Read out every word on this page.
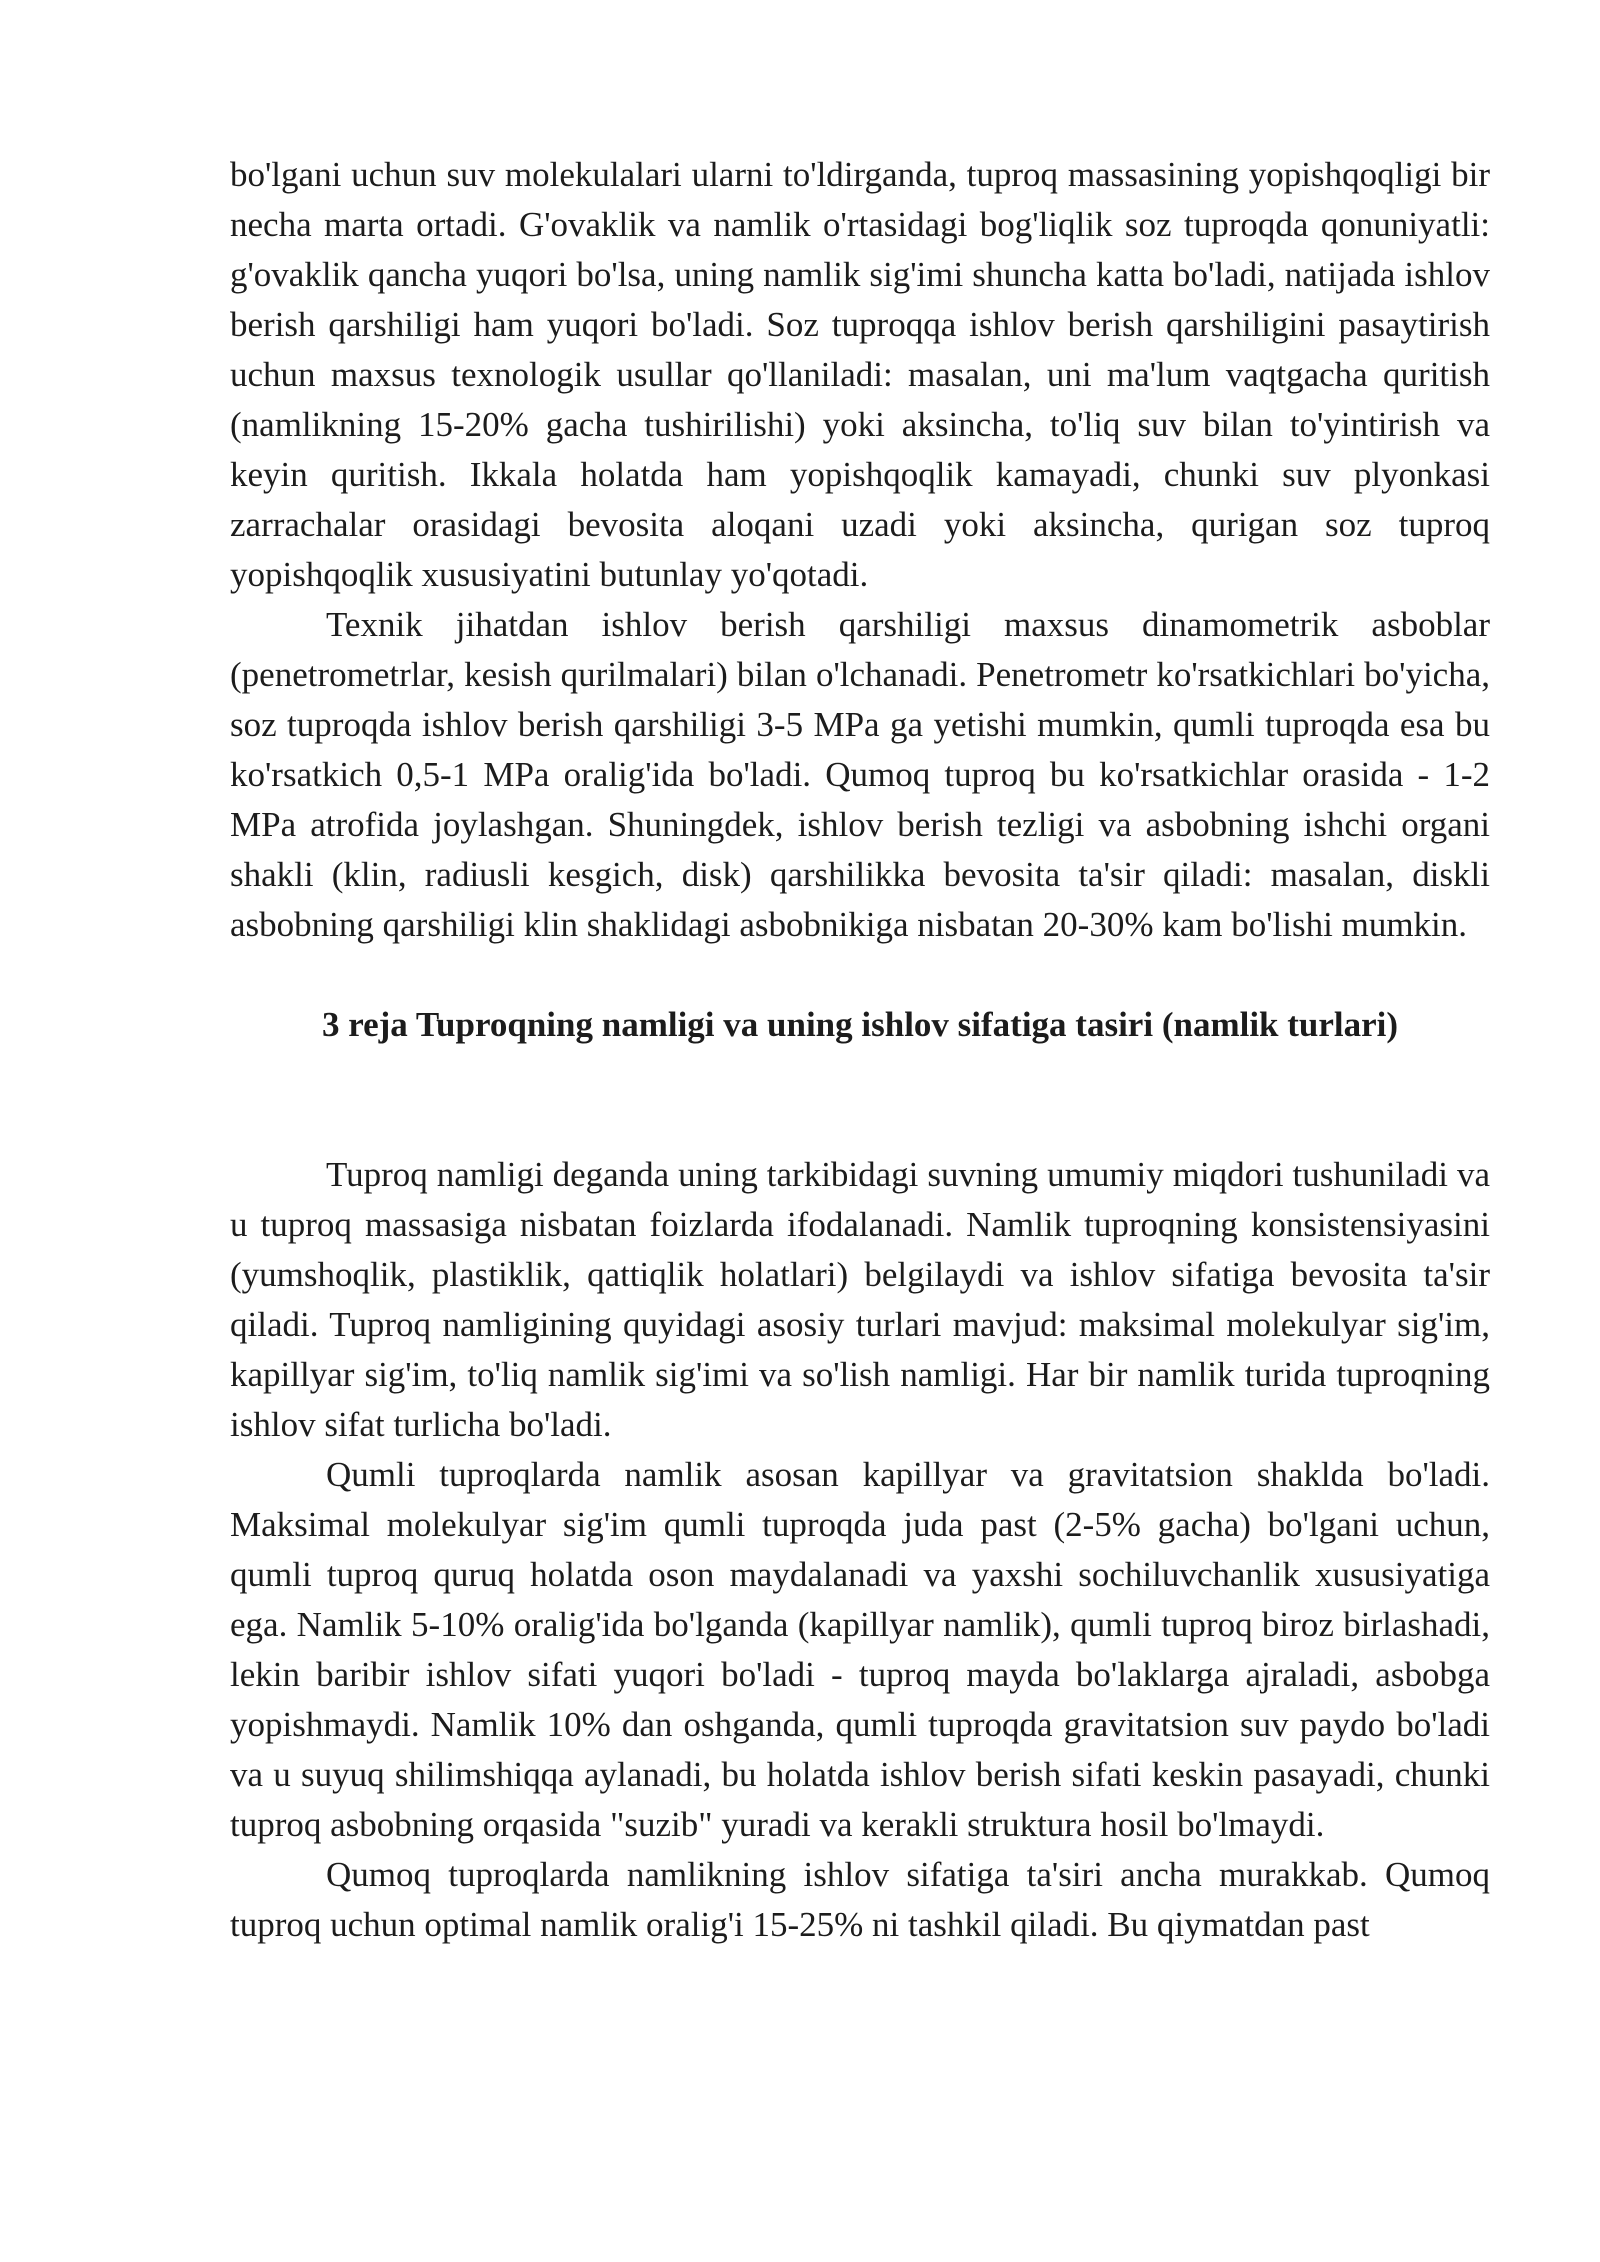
bo'lgani uchun suv molekulalari ularni to'ldirganda, tuproq massasining yopishqoqligi bir necha marta ortadi. G'ovaklik va namlik o'rtasidagi bog'liqlik soz tuproqda qonuniyatli: g'ovaklik qancha yuqori bo'lsa, uning namlik sig'imi shuncha katta bo'ladi, natijada ishlov berish qarshiligi ham yuqori bo'ladi. Soz tuproqqa ishlov berish qarshiligini pasaytirish uchun maxsus texnologik usullar qo'llaniladi: masalan, uni ma'lum vaqtgacha quritish (namlikning 15-20% gacha tushirilishi) yoki aksincha, to'liq suv bilan to'yintirish va keyin quritish. Ikkala holatda ham yopishqoqlik kamayadi, chunki suv plyonkasi zarrachalar orasidagi bevosita aloqani uzadi yoki aksincha, qurigan soz tuproq yopishqoqlik xususiyatini butunlay yo'qotadi.

Texnik jihatdan ishlov berish qarshiligi maxsus dinamometrik asboblar (penetrometrlar, kesish qurilmalari) bilan o'lchanadi. Penetrometr ko'rsatkichlari bo'yicha, soz tuproqda ishlov berish qarshiligi 3-5 MPa ga yetishi mumkin, qumli tuproqda esa bu ko'rsatkich 0,5-1 MPa oralig'ida bo'ladi. Qumoq tuproq bu ko'rsatkichlar orasida - 1-2 MPa atrofida joylashgan. Shuningdek, ishlov berish tezligi va asbobning ishchi organi shakli (klin, radiusli kesgich, disk) qarshilikka bevosita ta'sir qiladi: masalan, diskli asbobning qarshiligi klin shaklidagi asbobnikiga nisbatan 20-30% kam bo'lishi mumkin.

3 reja Tuproqning namligi va uning ishlov sifatiga tasiri (namlik turlari)

Tuproq namligi deganda uning tarkibidagi suvning umumiy miqdori tushuniladi va u tuproq massasiga nisbatan foizlarda ifodalanadi. Namlik tuproqning konsistensiyasini (yumshoqlik, plastiklik, qattiqlik holatlari) belgilaydi va ishlov sifatiga bevosita ta'sir qiladi. Tuproq namligining quyidagi asosiy turlari mavjud: maksimal molekulyar sig'im, kapillyar sig'im, to'liq namlik sig'imi va so'lish namligi. Har bir namlik turida tuproqning ishlov sifat turlicha bo'ladi.

Qumli tuproqlarda namlik asosan kapillyar va gravitatsion shaklda bo'ladi. Maksimal molekulyar sig'im qumli tuproqda juda past (2-5% gacha) bo'lgani uchun, qumli tuproq quruq holatda oson maydalanadi va yaxshi sochiluvchanlik xususiyatiga ega. Namlik 5-10% oralig'ida bo'lganda (kapillyar namlik), qumli tuproq biroz birlashadi, lekin baribir ishlov sifati yuqori bo'ladi - tuproq mayda bo'laklarga ajraladi, asbobga yopishmaydi. Namlik 10% dan oshganda, qumli tuproqda gravitatsion suv paydo bo'ladi va u suyuq shilimshiqqa aylanadi, bu holatda ishlov berish sifati keskin pasayadi, chunki tuproq asbobning orqasida "suzib" yuradi va kerakli struktura hosil bo'lmaydi.

Qumoq tuproqlarda namlikning ishlov sifatiga ta'siri ancha murakkab. Qumoq tuproq uchun optimal namlik oralig'i 15-25% ni tashkil qiladi. Bu qiymatdan past
